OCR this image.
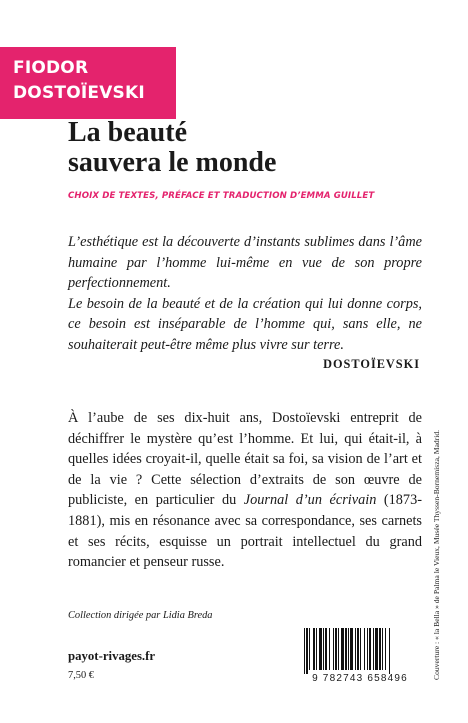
FIODOR
DOSTOÏEVSKI
La beauté
sauvera le monde
CHOIX DE TEXTES, PRÉFACE ET TRADUCTION D’EMMA GUILLET

L’esthétique est la découverte d’instants sublimes dans l’âme humaine par l’homme lui-même en vue de son propre perfectionnement.

Le besoin de la beauté et de la création qui lui donne corps, ce besoin est inséparable de l’homme qui, sans elle, ne souhaiterait peut-être même plus vivre sur terre.

DOSTOÏEVSKI
À l’aube de ses dix-huit ans, Dostoïevski entreprit de déchiffrer le mystère qu’est l’homme. Et lui, qui était-il, à quelles idées croyait-il, quelle était sa foi, sa vision de l’art et de la vie ? Cette sélection d’extraits de son œuvre de publiciste, en particulier du Journal d’un écrivain (1873-1881), mis en résonance avec sa correspondance, ses carnets et ses récits, esquisse un portrait intellectuel du grand romancier et penseur russe.
Collection dirigée par Lidia Breda
payot-rivages.fr
7,50 €	9 782743 658496	Couverture : « la Bella » de Palma le Vieux, Musée Thyssen-Bornemisza, Madrid.
